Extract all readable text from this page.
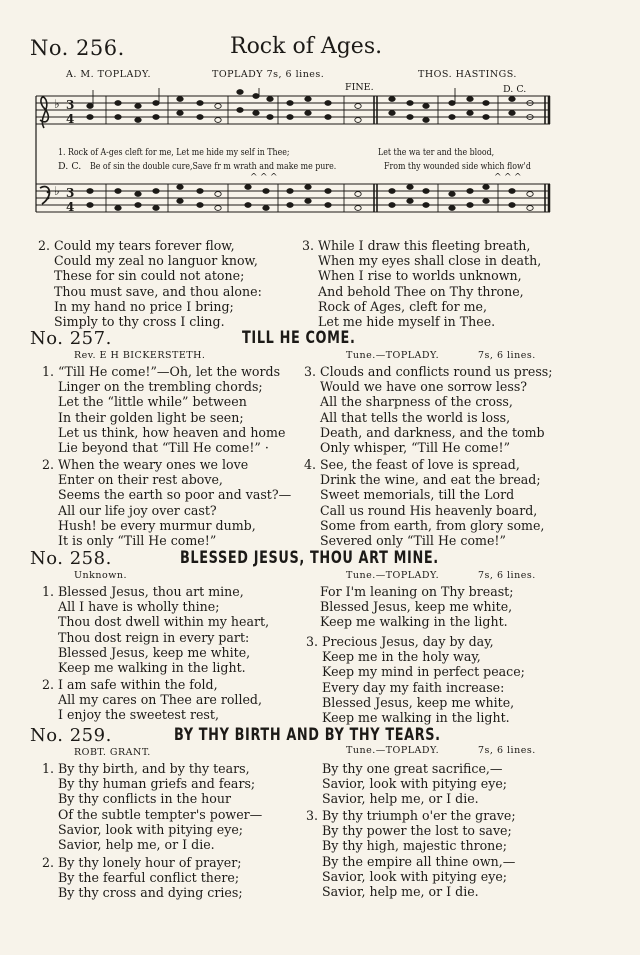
No. 256.	Rock of Ages.
A. M. TOPLADY.	TOPLADY 7s, 6 lines.	THOS. HASTINGS.
FINE.	D. C.
♭
♭
3
4
3
4
^ ^ ^	^ ^ ^
1. Rock of A-ges cleft for me, Let me hide my self in Thee;	Let the wa ter and the blood,
D. C. Be of sin the double cure,Save fr m wrath and make me pure.	From thy wounded side which flow'd
2. Could my tears forever flow,
Could my zeal no languor know,
These for sin could not atone;
Thou must save, and thou alone:
In my hand no price I bring;
Simply to thy cross I cling.
3. While I draw this fleeting breath,
When my eyes shall close in death,
When I rise to worlds unknown,
And behold Thee on Thy throne,
Rock of Ages, cleft for me,
Let me hide myself in Thee.
No. 257.	TILL HE COME.
Rev. E H BICKERSTETH.	Tune.—TOPLADY.	7s, 6 lines.
1. “Till He come!”—Oh, let the words
Linger on the trembling chords;
Let the “little while” between
In their golden light be seen;
Let us think, how heaven and home
Lie beyond that “Till He come!” ·
2. When the weary ones we love
Enter on their rest above,
Seems the earth so poor and vast?—
All our life joy over cast?
Hush! be every murmur dumb,
It is only “Till He come!”
3. Clouds and conflicts round us press;
Would we have one sorrow less?
All the sharpness of the cross,
All that tells the world is loss,
Death, and darkness, and the tomb
Only whisper, “Till He come!”
4. See, the feast of love is spread,
Drink the wine, and eat the bread;
Sweet memorials, till the Lord
Call us round His heavenly board,
Some from earth, from glory some,
Severed only “Till He come!”
No. 258.	BLESSED JESUS, THOU ART MINE.
Unknown.	Tune.—TOPLADY.	7s, 6 lines.
1. Blessed Jesus, thou art mine,
All I have is wholly thine;
Thou dost dwell within my heart,
Thou dost reign in every part:
Blessed Jesus, keep me white,
Keep me walking in the light.
2. I am safe within the fold,
All my cares on Thee are rolled,
I enjoy the sweetest rest,
For I'm leaning on Thy breast;
Blessed Jesus, keep me white,
Keep me walking in the light.
3. Precious Jesus, day by day,
Keep me in the holy way,
Keep my mind in perfect peace;
Every day my faith increase:
Blessed Jesus, keep me white,
Keep me walking in the light.
No. 259.	BY THY BIRTH AND BY THY TEARS.
ROBT. GRANT.	Tune.—TOPLADY.	7s, 6 lines.
1. By thy birth, and by thy tears,
By thy human griefs and fears;
By thy conflicts in the hour
Of the subtle tempter's power—
Savior, look with pitying eye;
Savior, help me, or I die.
2. By thy lonely hour of prayer;
By the fearful conflict there;
By thy cross and dying cries;
By thy one great sacrifice,—
Savior, look with pitying eye;
Savior, help me, or I die.
3. By thy triumph o'er the grave;
By thy power the lost to save;
By thy high, majestic throne;
By the empire all thine own,—
Savior, look with pitying eye;
Savior, help me, or I die.
